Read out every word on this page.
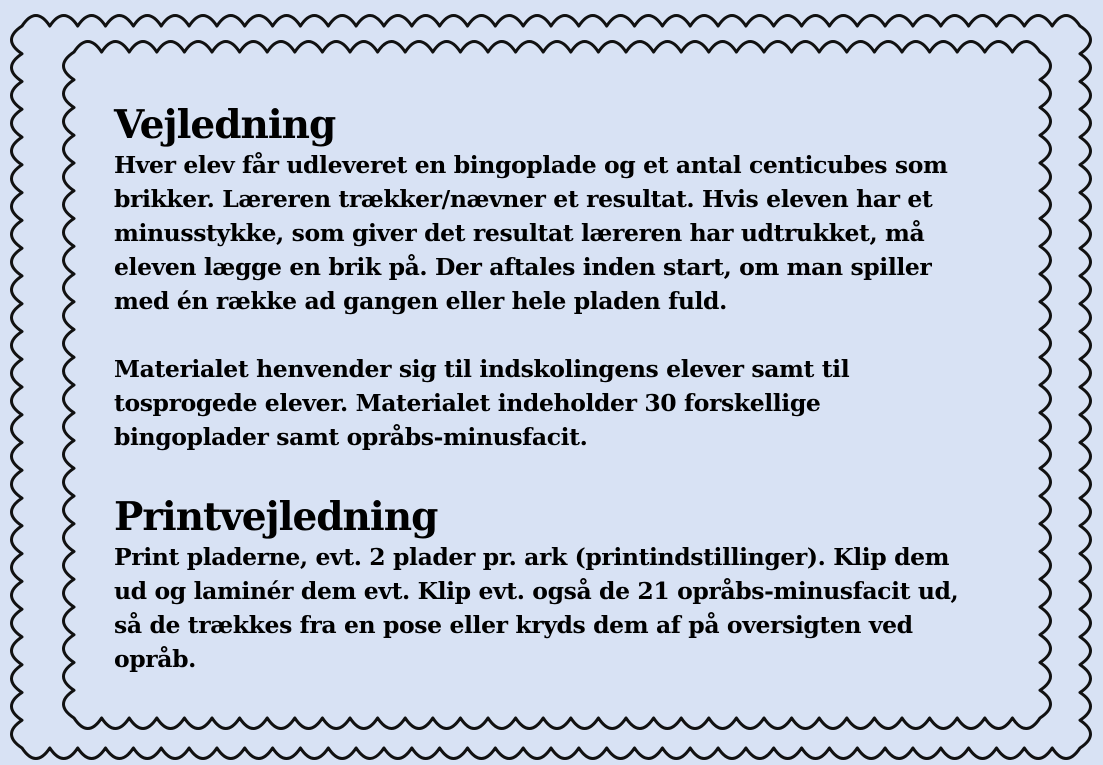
Vejledning

Hver elev får udleveret en bingoplade og et antal centicubes som

brikker. Læreren trækker/nævner et resultat. Hvis eleven har et

minusstykke, som giver det resultat læreren har udtrukket, må

eleven lægge en brik på. Der aftales inden start, om man spiller

med én række ad gangen eller hele pladen fuld.

Materialet henvender sig til indskolingens elever samt til

tosprogede elever. Materialet indeholder 30 forskellige

bingoplader samt opråbs-minusfacit.

Printvejledning

Print pladerne, evt. 2 plader pr. ark (printindstillinger). Klip dem

ud og laminér dem evt. Klip evt. også de 21 opråbs-minusfacit ud,

så de trækkes fra en pose eller kryds dem af på oversigten ved

opråb.
